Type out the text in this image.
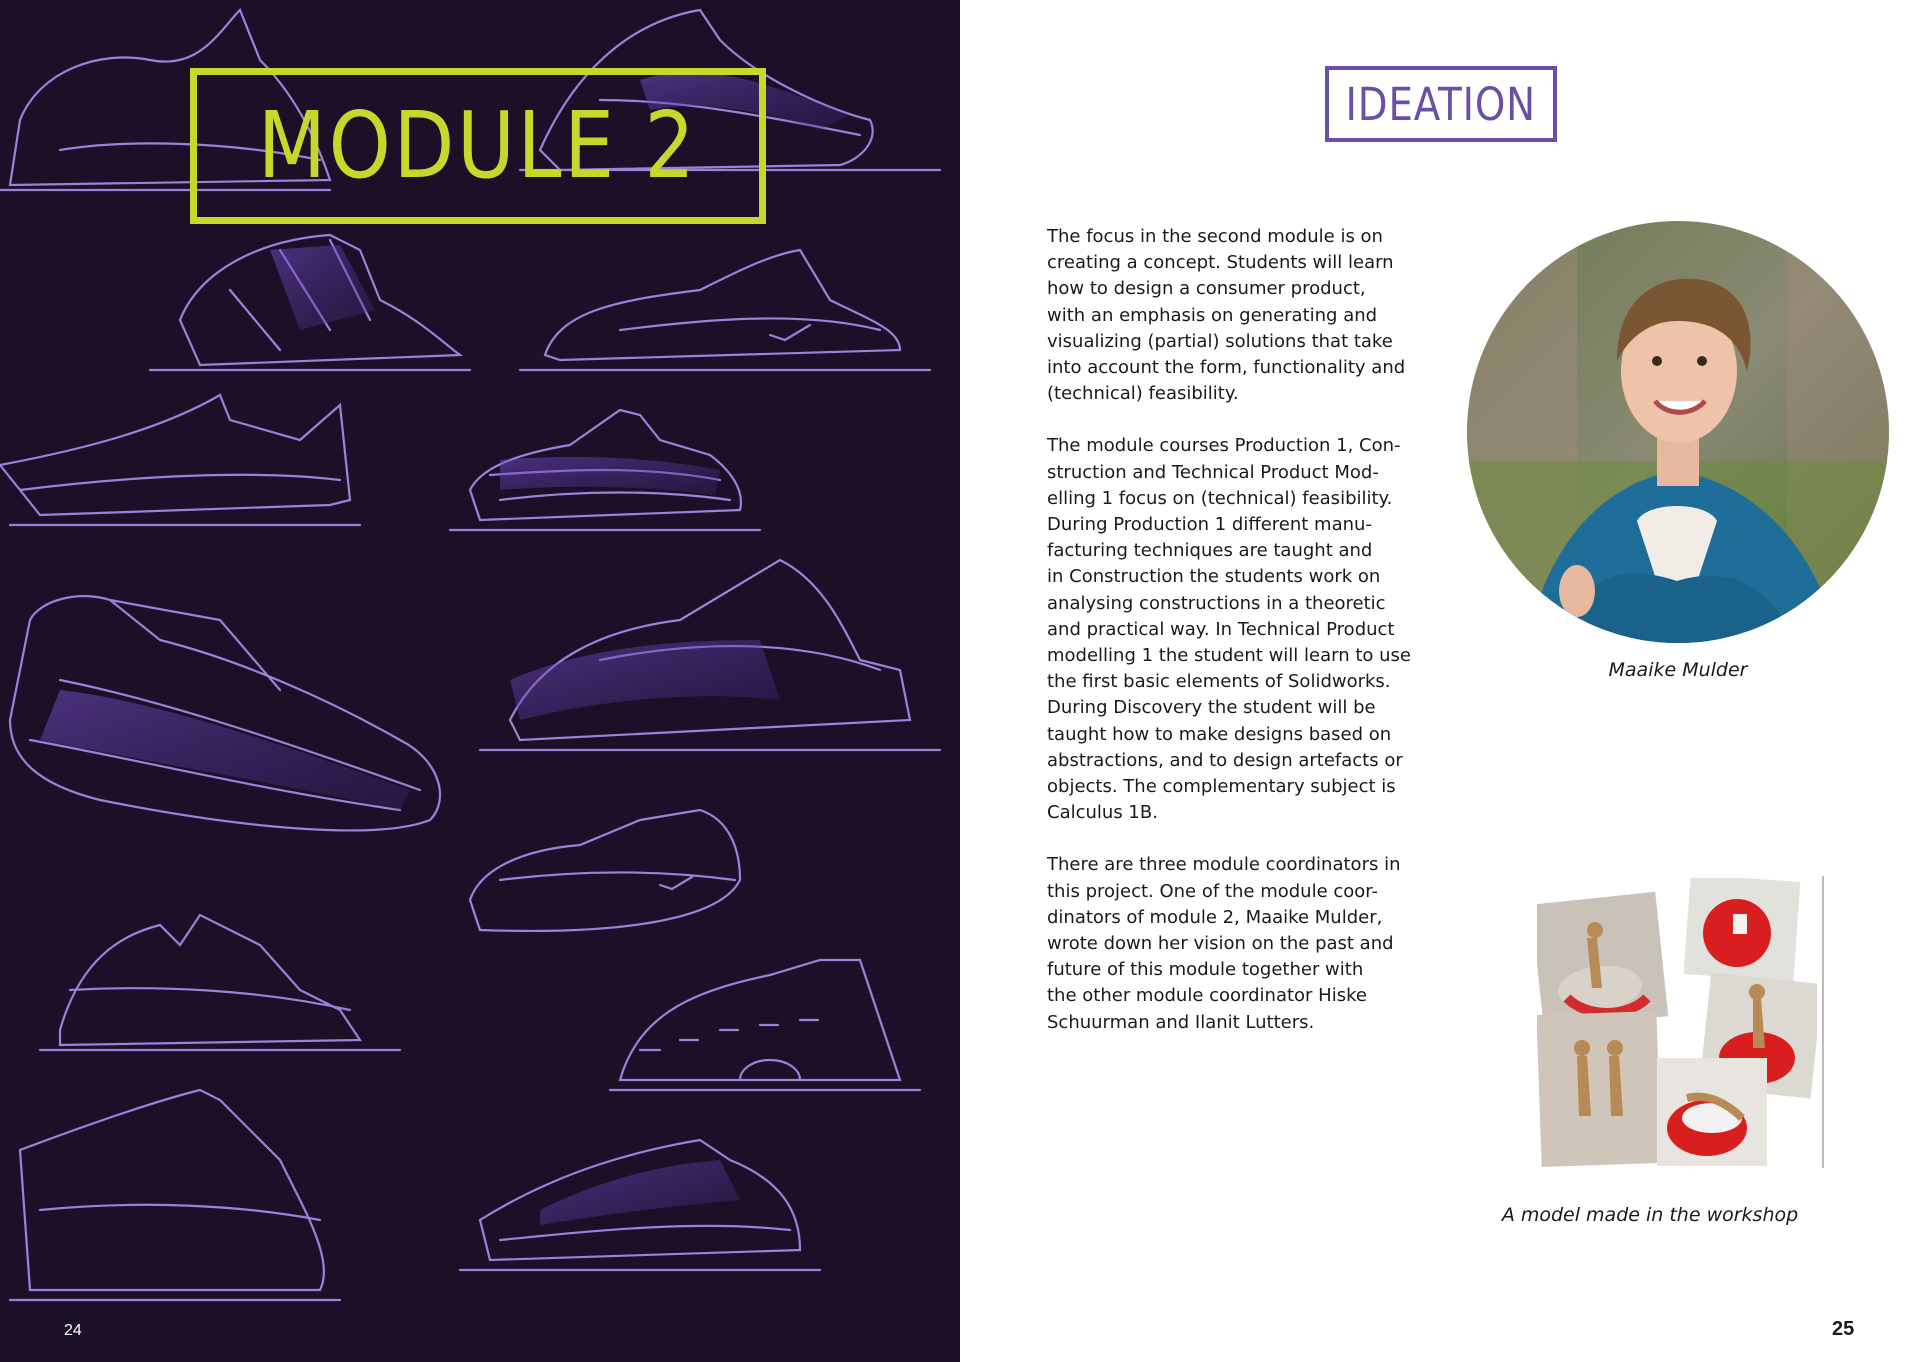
MODULE 2
24
IDEATION

The focus in the second module is on
creating a concept. Students will learn
how to design a consumer product,
with an emphasis on generating and
visualizing (partial) solutions that take
into account the form, functionality and
(technical) feasibility.

The module courses Production 1, Con-
struction and Technical Product Mod-
elling 1 focus on (technical) feasibility.
During Production 1 different manu-
facturing techniques are taught and
in Construction the students work on
analysing constructions in a theoretic
and practical way. In Technical Product
modelling 1 the student will learn to use
the first basic elements of Solidworks.
During Discovery the student will be
taught how to make designs based on
abstractions, and to design artefacts or
objects. The complementary subject is
Calculus 1B.

There are three module coordinators in
this project. One of the module coor-
dinators of module 2, Maaike Mulder,
wrote down her vision on the past and
future of this module together with
the other module coordinator Hiske
Schuurman and Ilanit Lutters.

Maaike Mulder
A model made in the workshop
25
